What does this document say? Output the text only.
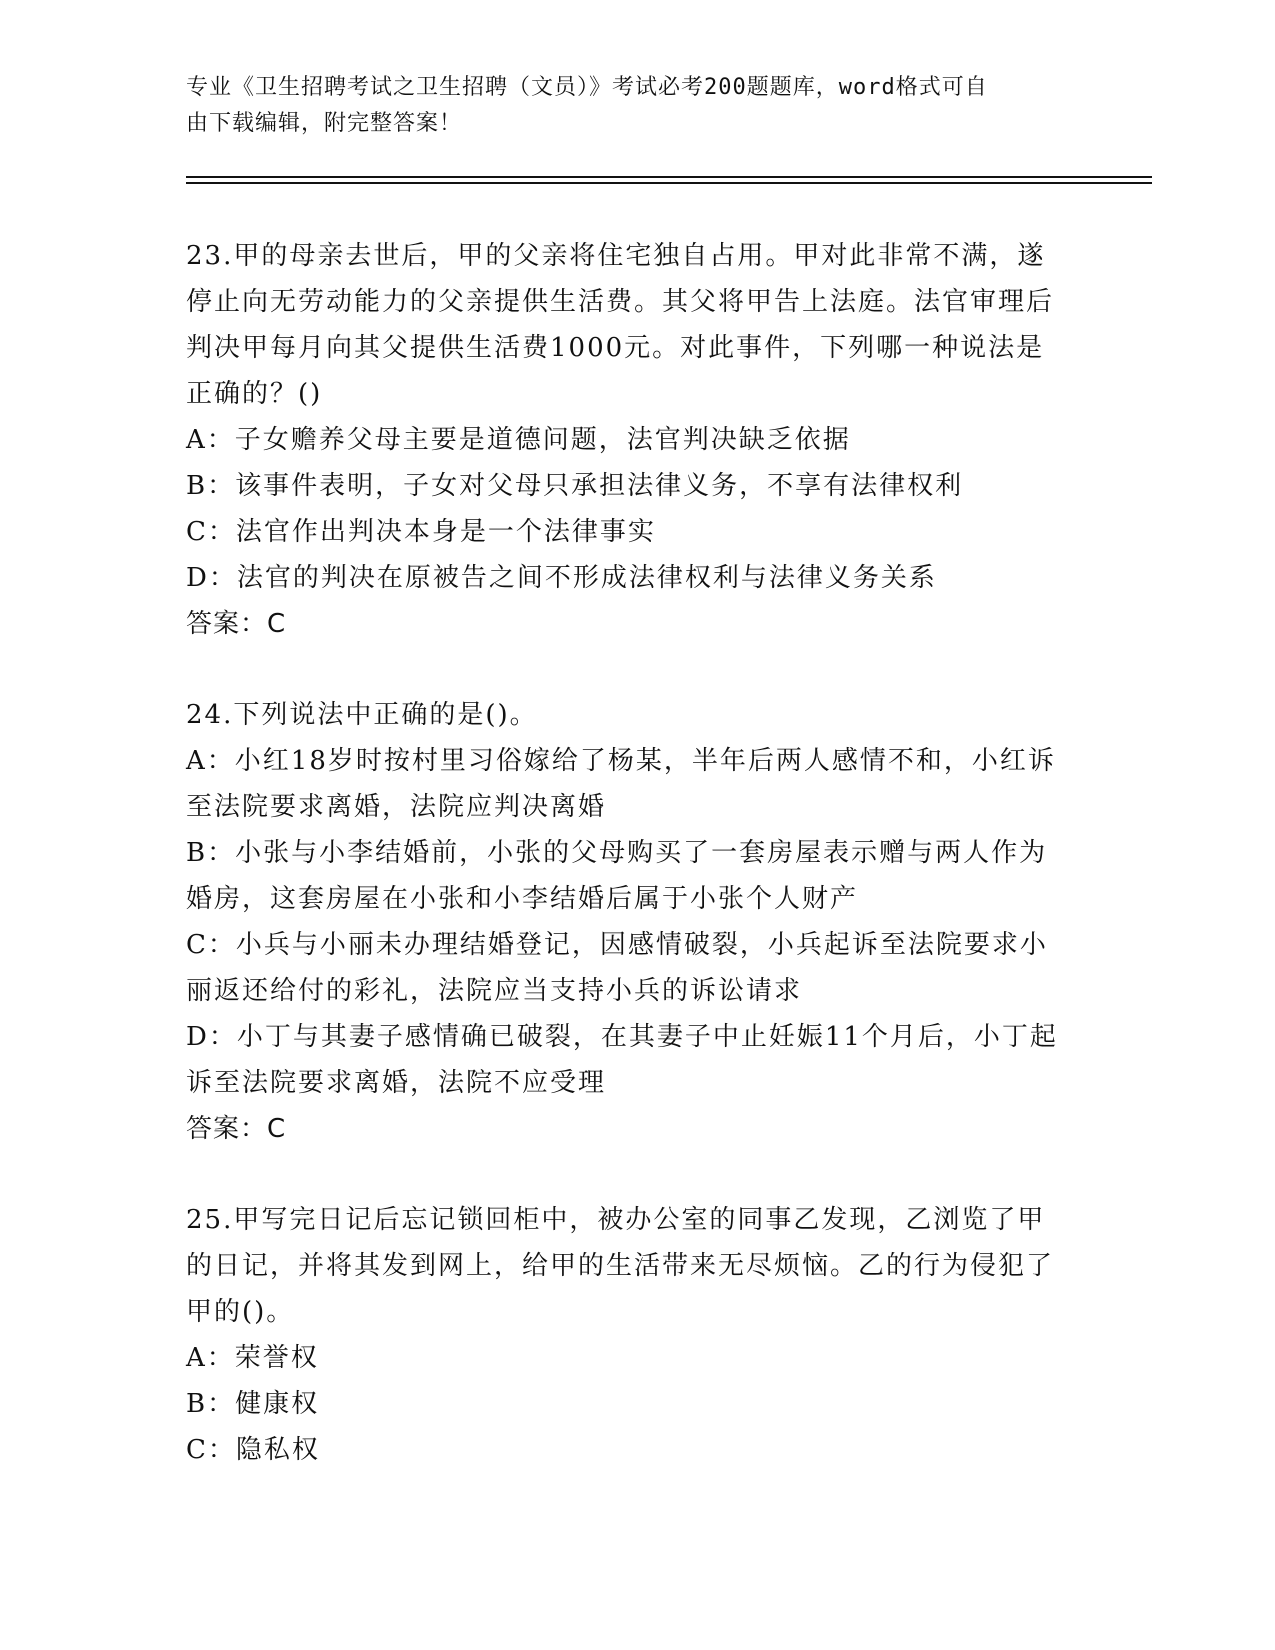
专业《卫生招聘考试之卫生招聘（文员）》考试必考200题题库，word格式可自
由下载编辑，附完整答案！

23.甲的母亲去世后，甲的父亲将住宅独自占用。甲对此非常不满，遂停止向无劳动能力的父亲提供生活费。其父将甲告上法庭。法官审理后判决甲每月向其父提供生活费1000元。对此事件，下列哪一种说法是正确的？()

A：子女赡养父母主要是道德问题，法官判决缺乏依据

B：该事件表明，子女对父母只承担法律义务，不享有法律权利

C：法官作出判决本身是一个法律事实

D：法官的判决在原被告之间不形成法律权利与法律义务关系

答案：C

24.下列说法中正确的是()。

A：小红18岁时按村里习俗嫁给了杨某，半年后两人感情不和，小红诉至法院要求离婚，法院应判决离婚

B：小张与小李结婚前，小张的父母购买了一套房屋表示赠与两人作为婚房，这套房屋在小张和小李结婚后属于小张个人财产

C：小兵与小丽未办理结婚登记，因感情破裂，小兵起诉至法院要求小丽返还给付的彩礼，法院应当支持小兵的诉讼请求

D：小丁与其妻子感情确已破裂，在其妻子中止妊娠11个月后，小丁起诉至法院要求离婚，法院不应受理

答案：C

25.甲写完日记后忘记锁回柜中，被办公室的同事乙发现，乙浏览了甲的日记，并将其发到网上，给甲的生活带来无尽烦恼。乙的行为侵犯了甲的()。

A：荣誉权

B：健康权

C：隐私权
